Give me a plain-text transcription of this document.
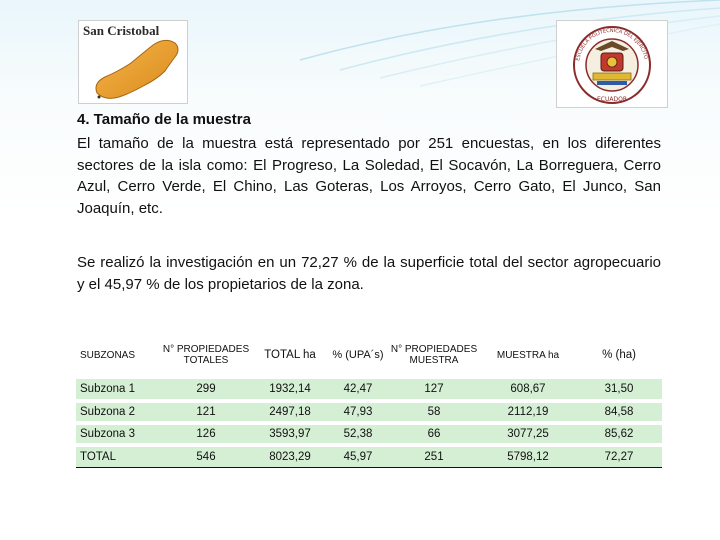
San Cristobal
ESCUELA POLITECNICA DEL EJERCITO
ECUADOR
4. Tamaño de la muestra

El tamaño de la muestra está representado por 251 encuestas, en los diferentes sectores de la isla como: El Progreso, La Soledad, El Socavón, La Borreguera, Cerro Azul, Cerro Verde, El Chino, Las Goteras, Los Arroyos, Cerro Gato, El Junco, San Joaquín, etc.

Se realizó la investigación en un 72,27 % de la superficie total del sector agropecuario y el 45,97 % de los propietarios de la zona.

SUBZONAS	N° PROPIEDADES TOTALES	TOTAL ha	% (UPA´s)	N° PROPIEDADES MUESTRA	MUESTRA ha	% (ha)
Subzona 1	299	1932,14	42,47	127	608,67	31,50
Subzona 2	121	2497,18	47,93	58	2112,19	84,58
Subzona 3	126	3593,97	52,38	66	3077,25	85,62
TOTAL	546	8023,29	45,97	251	5798,12	72,27
